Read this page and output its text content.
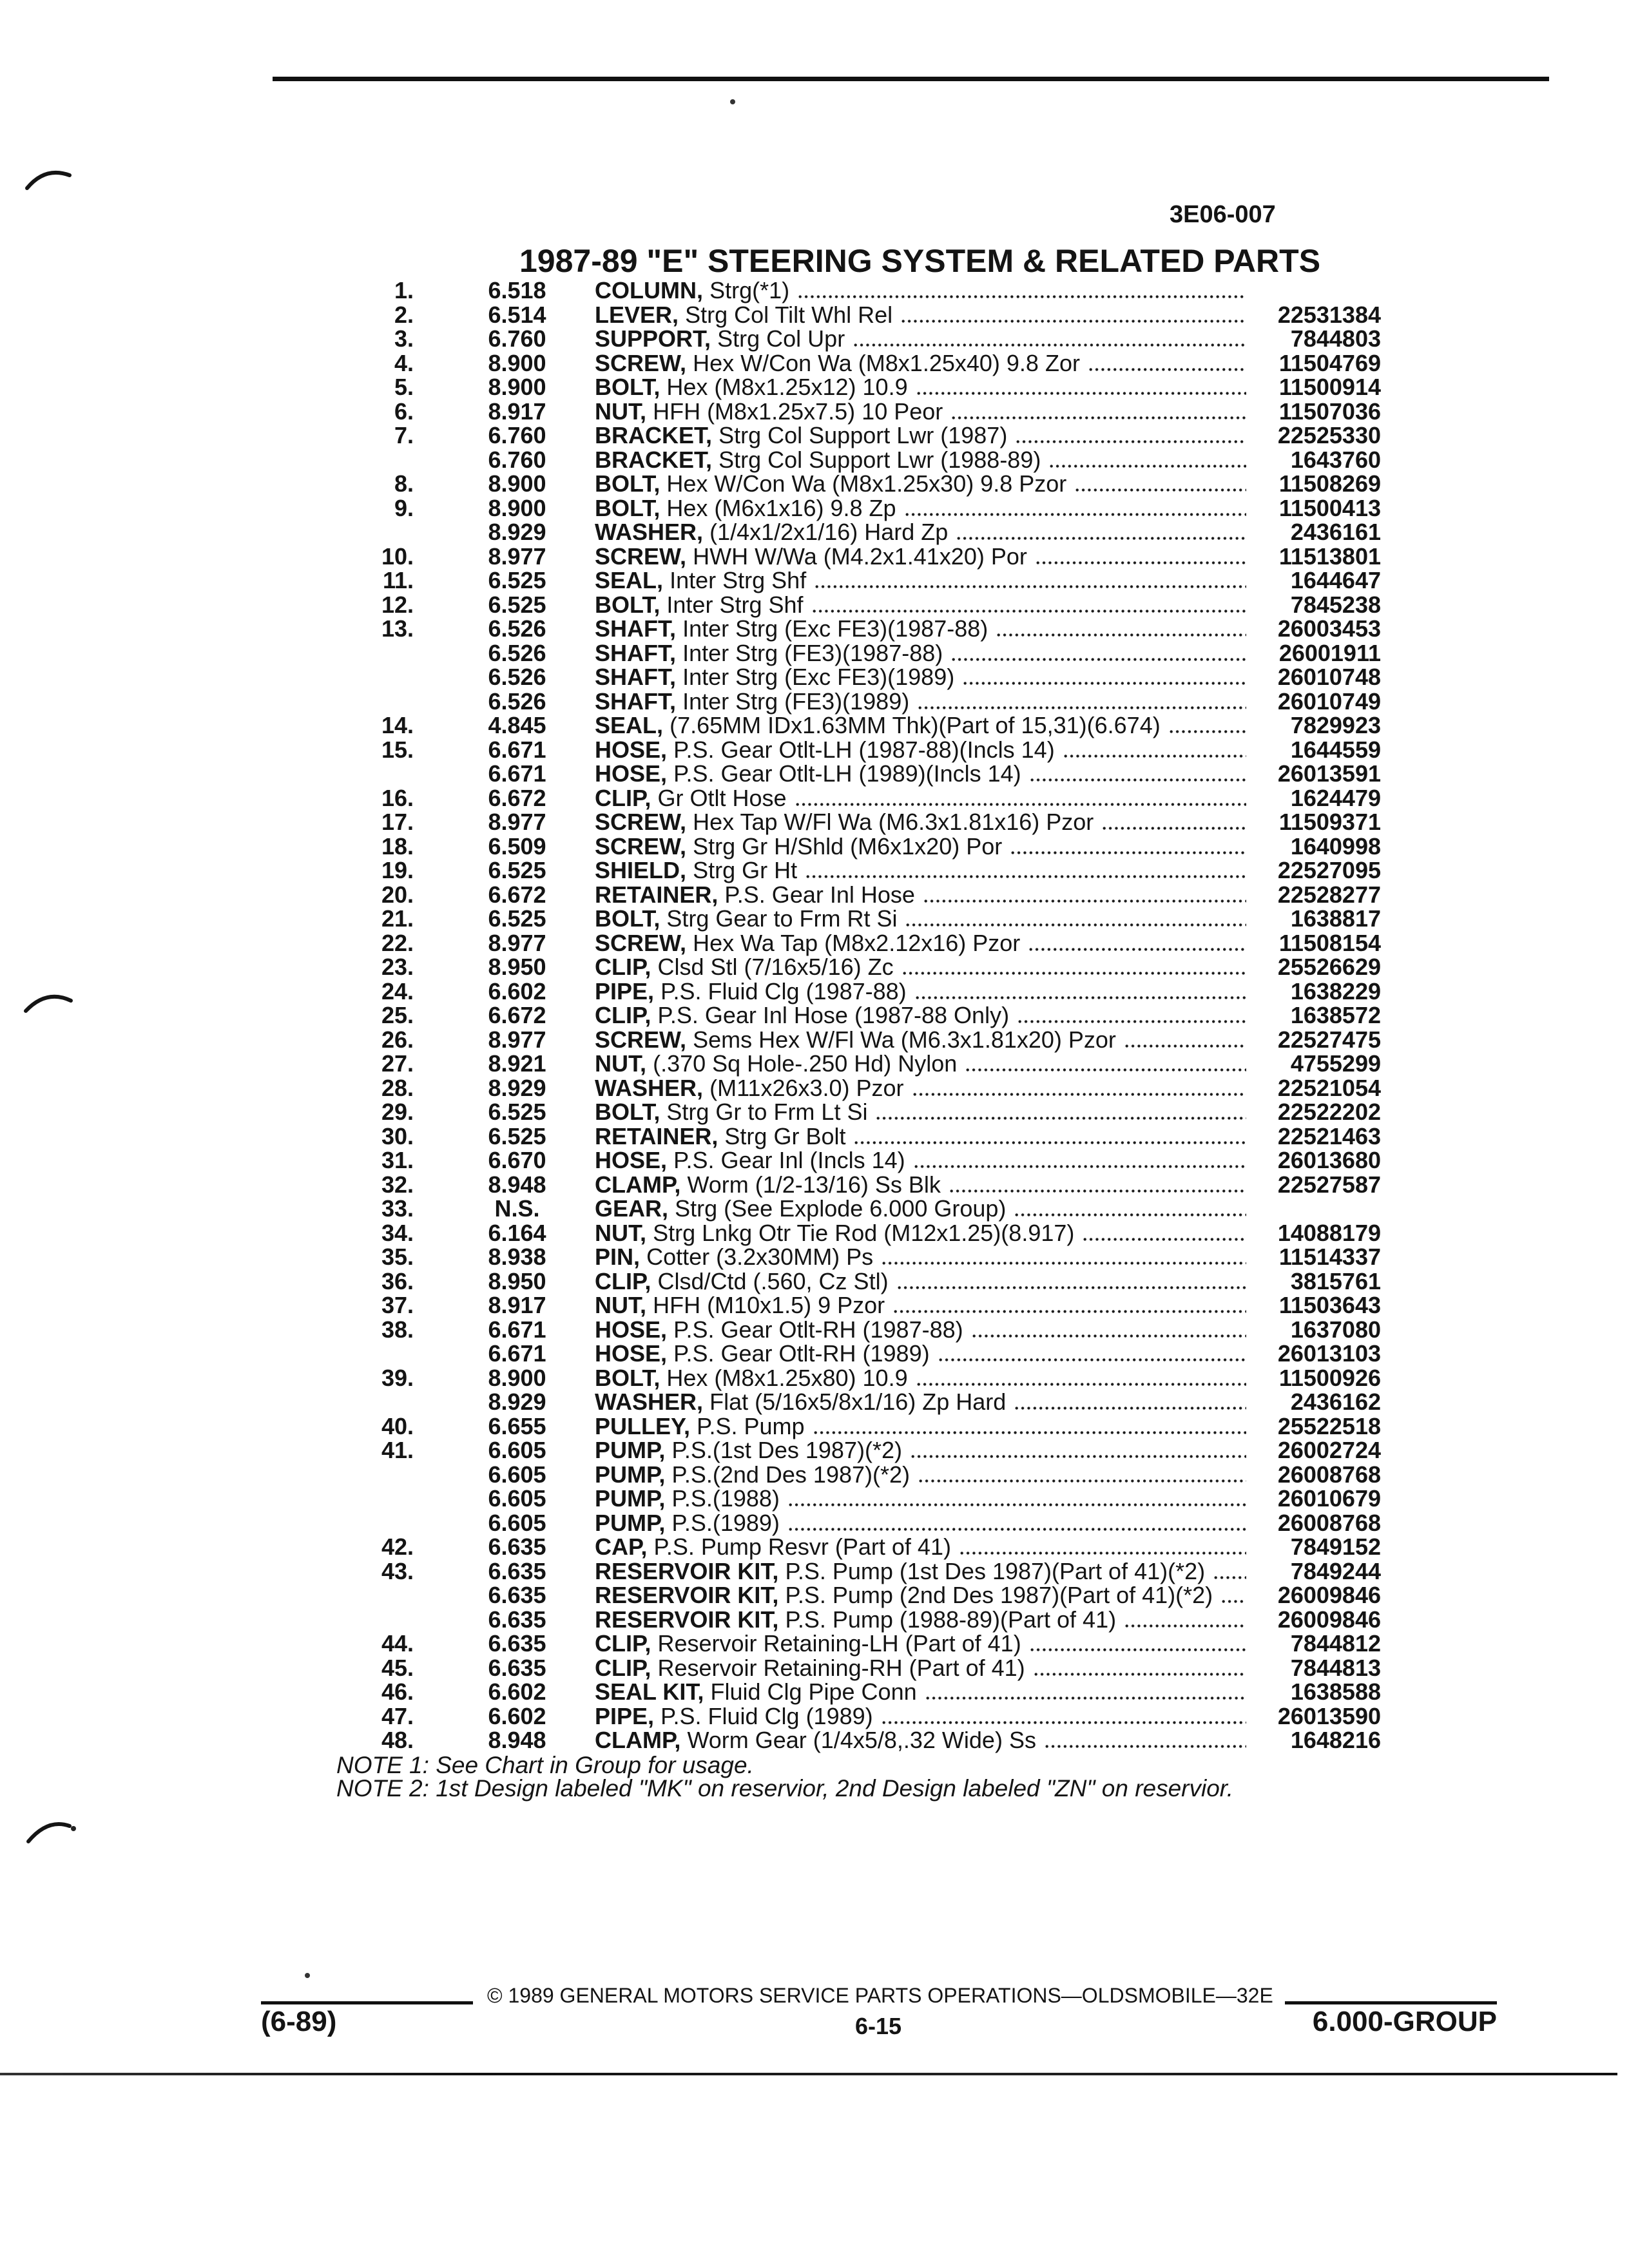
3E06-007
1987-89 "E" STEERING SYSTEM & RELATED PARTS
1.	6.518	COLUMN, Strg(*1)
2.	6.514	LEVER, Strg Col Tilt Whl Rel	22531384
3.	6.760	SUPPORT, Strg Col Upr	7844803
4.	8.900	SCREW, Hex W/Con Wa (M8x1.25x40) 9.8 Zor	11504769
5.	8.900	BOLT, Hex (M8x1.25x12) 10.9	11500914
6.	8.917	NUT, HFH (M8x1.25x7.5) 10 Peor	11507036
7.	6.760	BRACKET, Strg Col Support Lwr (1987)	22525330
6.760	BRACKET, Strg Col Support Lwr (1988-89)	1643760
8.	8.900	BOLT, Hex W/Con Wa (M8x1.25x30) 9.8 Pzor	11508269
9.	8.900	BOLT, Hex (M6x1x16) 9.8 Zp	11500413
8.929	WASHER, (1/4x1/2x1/16) Hard Zp	2436161
10.	8.977	SCREW, HWH W/Wa (M4.2x1.41x20) Por	11513801
11.	6.525	SEAL, Inter Strg Shf	1644647
12.	6.525	BOLT, Inter Strg Shf	7845238
13.	6.526	SHAFT, Inter Strg (Exc FE3)(1987-88)	26003453
6.526	SHAFT, Inter Strg (FE3)(1987-88)	26001911
6.526	SHAFT, Inter Strg (Exc FE3)(1989)	26010748
6.526	SHAFT, Inter Strg (FE3)(1989)	26010749
14.	4.845	SEAL, (7.65MM IDx1.63MM Thk)(Part of 15,31)(6.674)	7829923
15.	6.671	HOSE, P.S. Gear Otlt-LH (1987-88)(Incls 14)	1644559
6.671	HOSE, P.S. Gear Otlt-LH (1989)(Incls 14)	26013591
16.	6.672	CLIP, Gr Otlt Hose	1624479
17.	8.977	SCREW, Hex Tap W/Fl Wa (M6.3x1.81x16) Pzor	11509371
18.	6.509	SCREW, Strg Gr H/Shld (M6x1x20) Por	1640998
19.	6.525	SHIELD, Strg Gr Ht	22527095
20.	6.672	RETAINER, P.S. Gear Inl Hose	22528277
21.	6.525	BOLT, Strg Gear to Frm Rt Si	1638817
22.	8.977	SCREW, Hex Wa Tap (M8x2.12x16) Pzor	11508154
23.	8.950	CLIP, Clsd Stl (7/16x5/16) Zc	25526629
24.	6.602	PIPE, P.S. Fluid Clg (1987-88)	1638229
25.	6.672	CLIP, P.S. Gear Inl Hose (1987-88 Only)	1638572
26.	8.977	SCREW, Sems Hex W/Fl Wa (M6.3x1.81x20) Pzor	22527475
27.	8.921	NUT, (.370 Sq Hole-.250 Hd) Nylon	4755299
28.	8.929	WASHER, (M11x26x3.0) Pzor	22521054
29.	6.525	BOLT, Strg Gr to Frm Lt Si	22522202
30.	6.525	RETAINER, Strg Gr Bolt	22521463
31.	6.670	HOSE, P.S. Gear Inl (Incls 14)	26013680
32.	8.948	CLAMP, Worm (1/2-13/16) Ss Blk	22527587
33.	N.S.	GEAR, Strg (See Explode 6.000 Group)
34.	6.164	NUT, Strg Lnkg Otr Tie Rod (M12x1.25)(8.917)	14088179
35.	8.938	PIN, Cotter (3.2x30MM) Ps	11514337
36.	8.950	CLIP, Clsd/Ctd (.560, Cz Stl)	3815761
37.	8.917	NUT, HFH (M10x1.5) 9 Pzor	11503643
38.	6.671	HOSE, P.S. Gear Otlt-RH (1987-88)	1637080
6.671	HOSE, P.S. Gear Otlt-RH (1989)	26013103
39.	8.900	BOLT, Hex (M8x1.25x80) 10.9	11500926
8.929	WASHER, Flat (5/16x5/8x1/16) Zp Hard	2436162
40.	6.655	PULLEY, P.S. Pump	25522518
41.	6.605	PUMP, P.S.(1st Des 1987)(*2)	26002724
6.605	PUMP, P.S.(2nd Des 1987)(*2)	26008768
6.605	PUMP, P.S.(1988)	26010679
6.605	PUMP, P.S.(1989)	26008768
42.	6.635	CAP, P.S. Pump Resvr (Part of 41)	7849152
43.	6.635	RESERVOIR KIT, P.S. Pump (1st Des 1987)(Part of 41)(*2)	7849244
6.635	RESERVOIR KIT, P.S. Pump (2nd Des 1987)(Part of 41)(*2)	26009846
6.635	RESERVOIR KIT, P.S. Pump (1988-89)(Part of 41)	26009846
44.	6.635	CLIP, Reservoir Retaining-LH (Part of 41)	7844812
45.	6.635	CLIP, Reservoir Retaining-RH (Part of 41)	7844813
46.	6.602	SEAL KIT, Fluid Clg Pipe Conn	1638588
47.	6.602	PIPE, P.S. Fluid Clg (1989)	26013590
48.	8.948	CLAMP, Worm Gear (1/4x5/8,.32 Wide) Ss	1648216
NOTE 1: See Chart in Group for usage.
NOTE 2: 1st Design labeled "MK" on reservior, 2nd Design labeled "ZN" on reservior.
© 1989 GENERAL MOTORS SERVICE PARTS OPERATIONS—OLDSMOBILE—32E
(6-89)	6-15	6.000-GROUP
